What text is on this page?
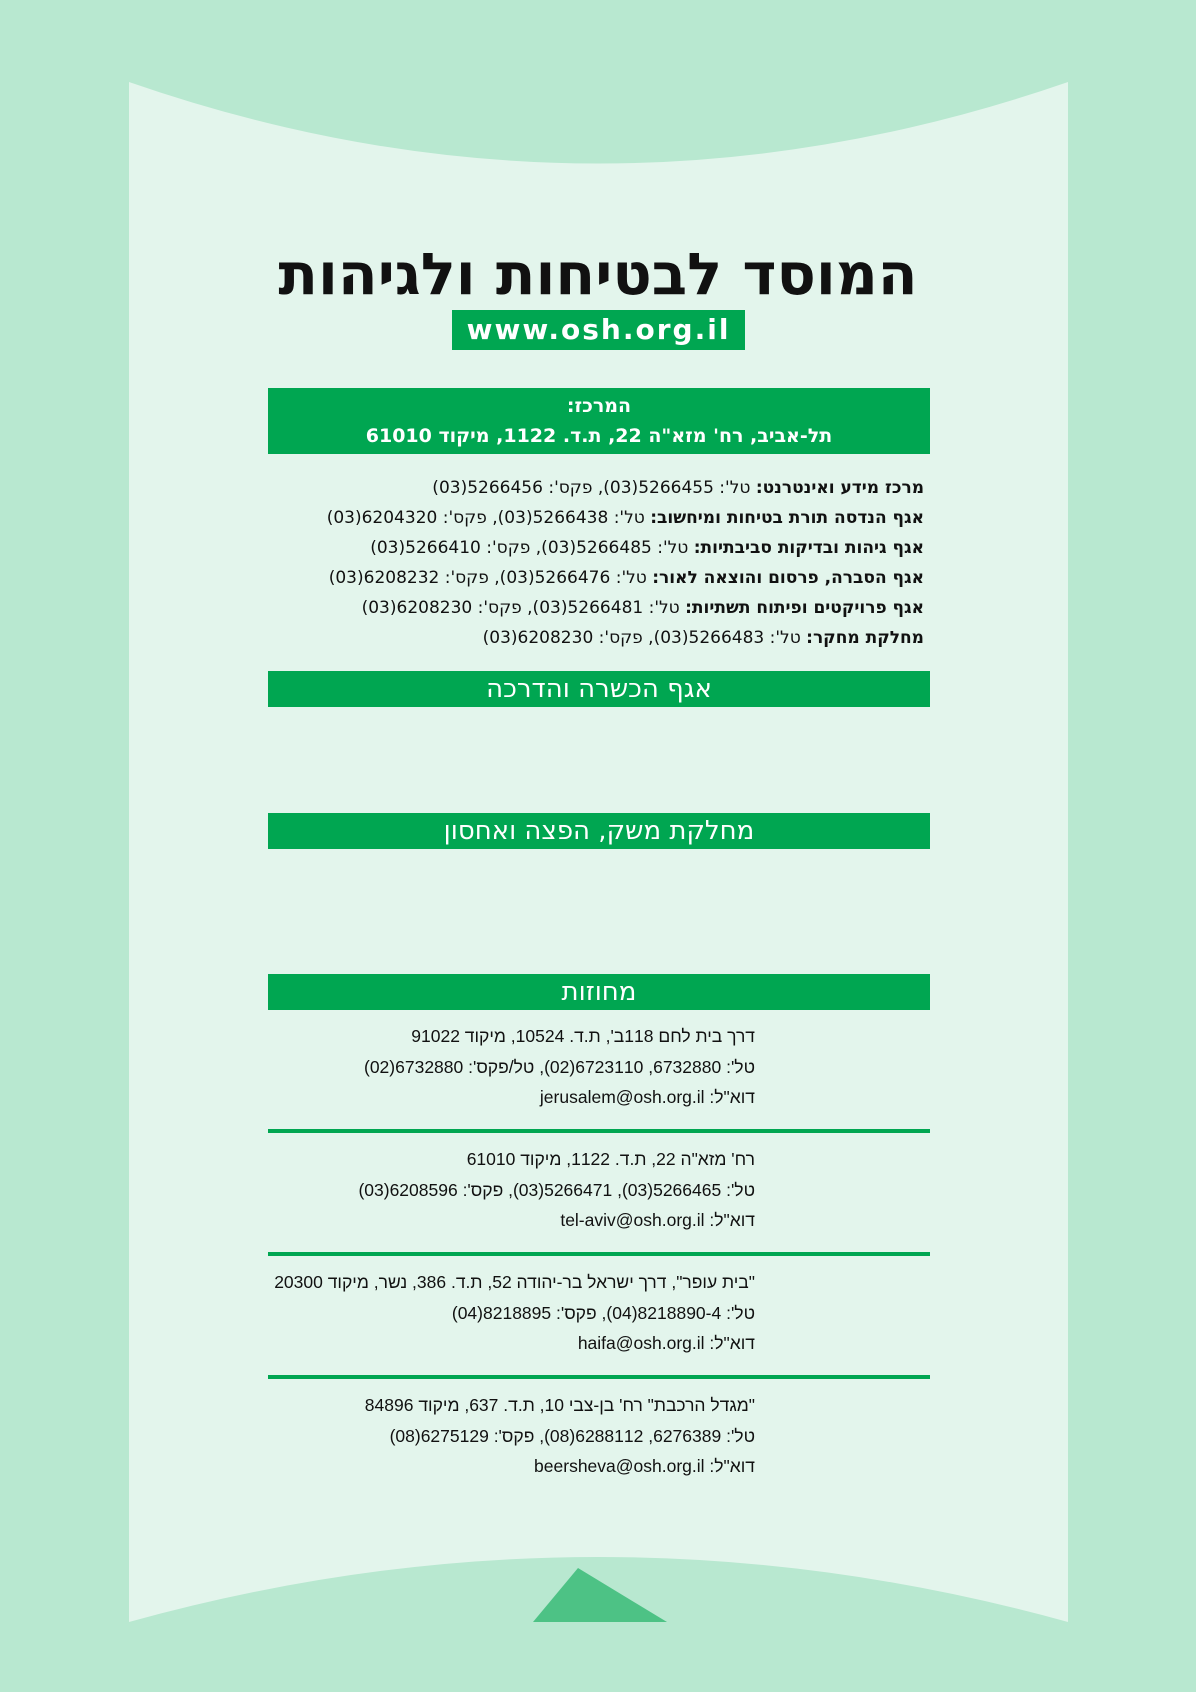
המוסד לבטיחות ולגיהות
www.osh.org.il
המרכז:
תל-אביב, רח' מזא"ה 22, ת.ד. 1122, מיקוד 61010
מרכז מידע ואינטרנט: טל': 5266455(03), פקס': 5266456(03)
אגף הנדסה תורת בטיחות ומיחשוב: טל': 5266438(03), פקס': 6204320(03)
אגף גיהות ובדיקות סביבתיות: טל': 5266485(03), פקס': 5266410(03)
אגף הסברה, פרסום והוצאה לאור: טל': 5266476(03), פקס': 6208232(03)
אגף פרויקטים ופיתוח תשתיות: טל': 5266481(03), פקס': 6208230(03)
מחלקת מחקר: טל': 5266483(03), פקס': 6208230(03)
אגף הכשרה והדרכה
מחלקת משק, הפצה ואחסון
מחוזות
דרך בית לחם 118ב', ת.ד. 10524, מיקוד 91022
טל': 6732880, 6723110(02), טל/פקס': 6732880(02)
דוא"ל: jerusalem@osh.org.il
רח' מזא"ה 22, ת.ד. 1122, מיקוד 61010
טל': 5266465(03), 5266471(03), פקס': 6208596(03)
דוא"ל: tel-aviv@osh.org.il
"בית עופר", דרך ישראל בר-יהודה 52, ת.ד. 386, נשר, מיקוד 20300
טל': 8218890-4(04), פקס': 8218895(04)
דוא"ל: haifa@osh.org.il
"מגדל הרכבת" רח' בן-צבי 10, ת.ד. 637, מיקוד 84896
טל': 6276389, 6288112(08), פקס': 6275129(08)
דוא"ל: beersheva@osh.org.il
